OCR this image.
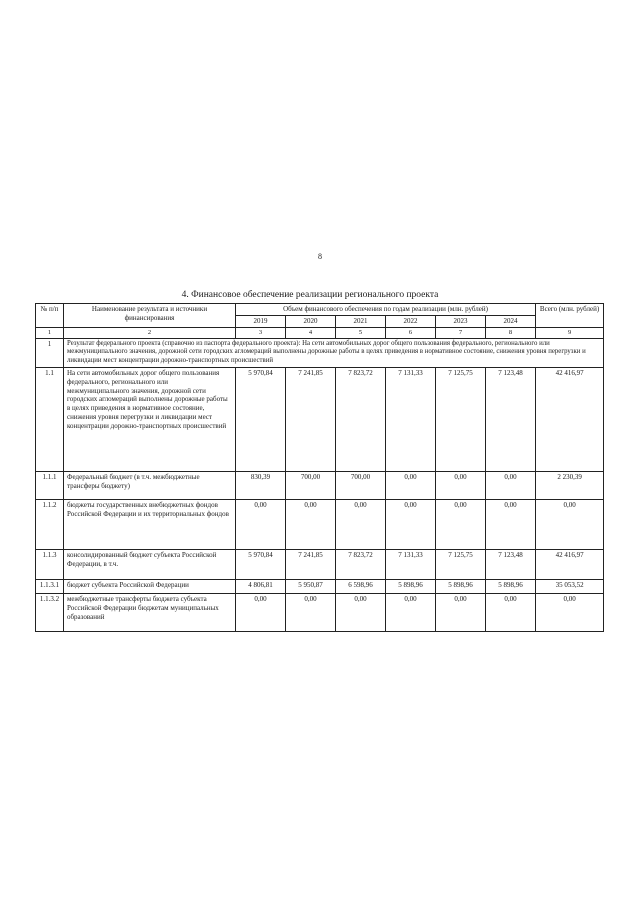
8
4. Финансовое обеспечение реализации регионального проекта
№ п/п	Наименование результата и источники финансирования	Объем финансового обеспечения по годам реализации (млн. рублей)						Всего (млн. рублей)
		2019	2020	2021	2022	2023	2024	
1	2	3	4	5	6	7	8	9
1	Результат федерального проекта (справочно из паспорта федерального проекта): На сети автомобильных дорог общего пользования федерального, регионального или межмуниципального значения, дорожной сети городских агломераций выполнены дорожные работы в целях приведения в нормативное состояние, снижения уровня перегрузки и ликвидации мест концентрации дорожно-транспортных происшествий							
1.1	На сети автомобильных дорог общего пользования федерального, регионального или межмуниципального значения, дорожной сети городских агломераций выполнены дорожные работы в целях приведения в нормативное состояние, снижения уровня перегрузки и ликвидации мест концентрации дорожно-транспортных происшествий	5 970,84	7 241,85	7 823,72	7 131,33	7 125,75	7 123,48	42 416,97
1.1.1	Федеральный бюджет (в т.ч. межбюджетные трансферы бюджету)	830,39	700,00	700,00	0,00	0,00	0,00	2 230,39
1.1.2	бюджеты государственных внебюджетных фондов Российской Федерации и их территориальных фондов	0,00	0,00	0,00	0,00	0,00	0,00	0,00
1.1.3	консолидированный бюджет субъекта Российской Федерации, в т.ч.	5 970,84	7 241,85	7 823,72	7 131,33	7 125,75	7 123,48	42 416,97
1.1.3.1	бюджет субъекта Российской Федерации	4 806,81	5 950,87	6 598,96	5 898,96	5 898,96	5 898,96	35 053,52
1.1.3.2	межбюджетные трансферты бюджета субъекта Российской Федерации бюджетам муниципальных образований	0,00	0,00	0,00	0,00	0,00	0,00	0,00
